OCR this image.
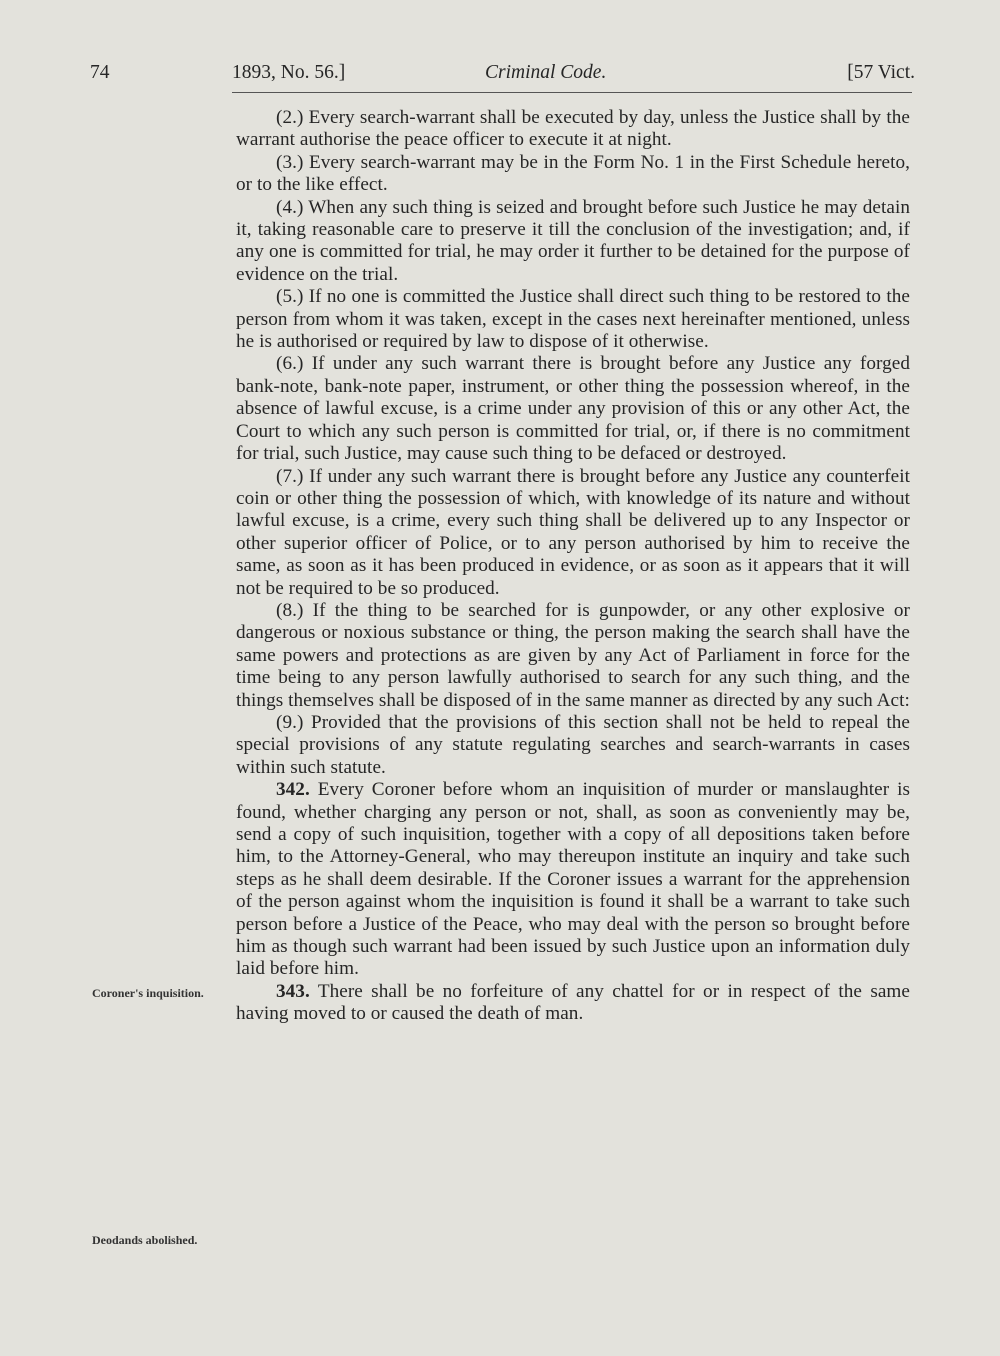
74	1893, No. 56.]	Criminal Code.	[57 Vict.

(2.) Every search-warrant shall be executed by day, unless the Justice shall by the warrant authorise the peace officer to execute it at night.

(3.) Every search-warrant may be in the Form No. 1 in the First Schedule hereto, or to the like effect.

(4.) When any such thing is seized and brought before such Justice he may detain it, taking reasonable care to preserve it till the conclusion of the investigation; and, if any one is committed for trial, he may order it further to be detained for the purpose of evidence on the trial.

(5.) If no one is committed the Justice shall direct such thing to be restored to the person from whom it was taken, except in the cases next hereinafter mentioned, unless he is authorised or required by law to dispose of it otherwise.

(6.) If under any such warrant there is brought before any Justice any forged bank-note, bank-note paper, instrument, or other thing the possession whereof, in the absence of lawful excuse, is a crime under any provision of this or any other Act, the Court to which any such person is committed for trial, or, if there is no commitment for trial, such Justice, may cause such thing to be defaced or destroyed.

(7.) If under any such warrant there is brought before any Justice any counterfeit coin or other thing the possession of which, with knowledge of its nature and without lawful excuse, is a crime, every such thing shall be delivered up to any Inspector or other superior officer of Police, or to any person authorised by him to receive the same, as soon as it has been produced in evidence, or as soon as it appears that it will not be required to be so produced.

(8.) If the thing to be searched for is gunpowder, or any other explosive or dangerous or noxious substance or thing, the person making the search shall have the same powers and protections as are given by any Act of Parliament in force for the time being to any person lawfully authorised to search for any such thing, and the things themselves shall be disposed of in the same manner as directed by any such Act:

(9.) Provided that the provisions of this section shall not be held to repeal the special provisions of any statute regulating searches and search-warrants in cases within such statute.

342. Every Coroner before whom an inquisition of murder or manslaughter is found, whether charging any person or not, shall, as soon as conveniently may be, send a copy of such inquisition, together with a copy of all depositions taken before him, to the Attorney-General, who may thereupon institute an inquiry and take such steps as he shall deem desirable. If the Coroner issues a warrant for the apprehension of the person against whom the inquisition is found it shall be a warrant to take such person before a Justice of the Peace, who may deal with the person so brought before him as though such warrant had been issued by such Justice upon an information duly laid before him.

343. There shall be no forfeiture of any chattel for or in respect of the same having moved to or caused the death of man.

Coroner's inquisition.
Deodands abolished.
